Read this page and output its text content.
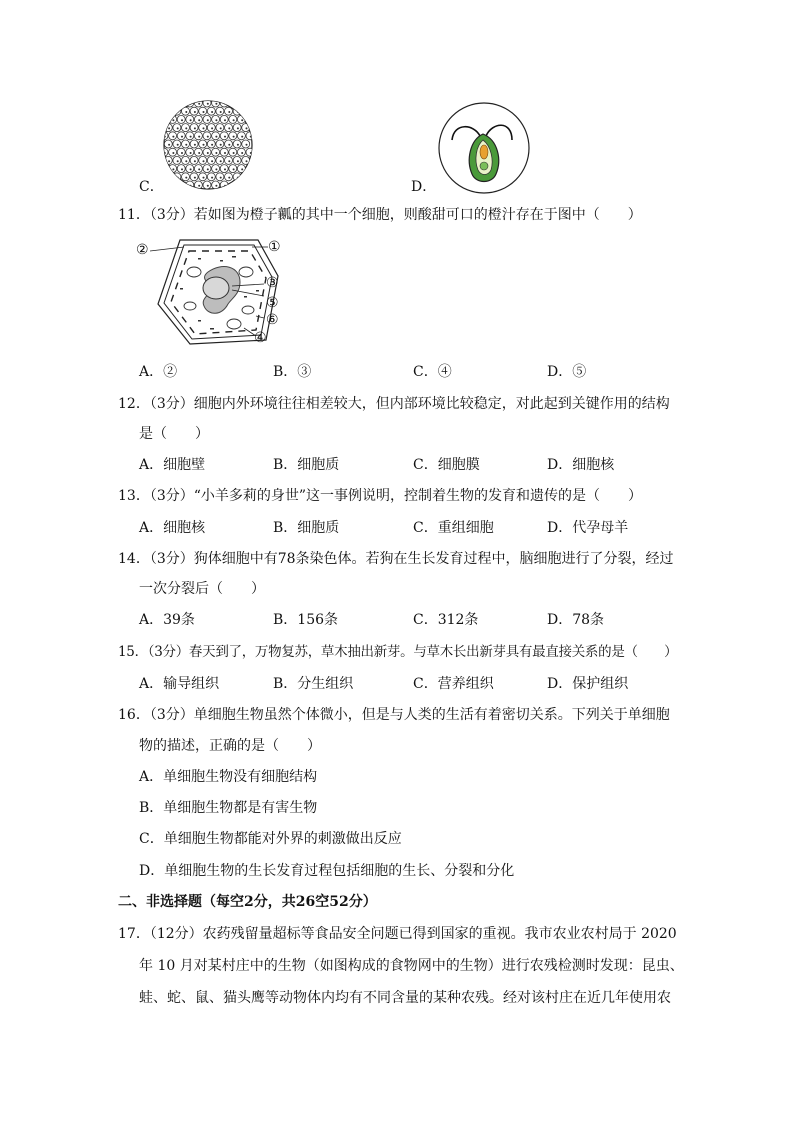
C．	D．
11．（3分）若如图为橙子瓤的其中一个细胞，则酸甜可口的橙汁存在于图中（　　）
②	①
③
⑤
⑥
④
A．②	B．③	C．④	D．⑤
12．（3分）细胞内外环境往往相差较大，但内部环境比较稳定，对此起到关键作用的结构
是（　　）
A．细胞壁	B．细胞质	C．细胞膜	D．细胞核
13．（3分）“小羊多莉的身世”这一事例说明，控制着生物的发育和遗传的是（　　）
A．细胞核	B．细胞质	C．重组细胞	D．代孕母羊
14．（3分）狗体细胞中有78条染色体。若狗在生长发育过程中，脑细胞进行了分裂，经过
一次分裂后（　　）
A．39条	B．156条	C．312条	D．78条
15．（3分）春天到了，万物复苏，草木抽出新芽。与草木长出新芽具有最直接关系的是（　　）
A．输导组织	B．分生组织	C．营养组织	D．保护组织
16．（3分）单细胞生物虽然个体微小，但是与人类的生活有着密切关系。下列关于单细胞
物的描述，正确的是（　　）
A．单细胞生物没有细胞结构
B．单细胞生物都是有害生物
C．单细胞生物都能对外界的刺激做出反应
D．单细胞生物的生长发育过程包括细胞的生长、分裂和分化
二、非选择题（每空2分，共26空52分）
17．（12分）农药残留量超标等食品安全问题已得到国家的重视。我市农业农村局于 2020
年 10 月对某村庄中的生物（如图构成的食物网中的生物）进行农残检测时发现：昆虫、
蛙、蛇、鼠、猫头鹰等动物体内均有不同含量的某种农残。经对该村庄在近几年使用农
